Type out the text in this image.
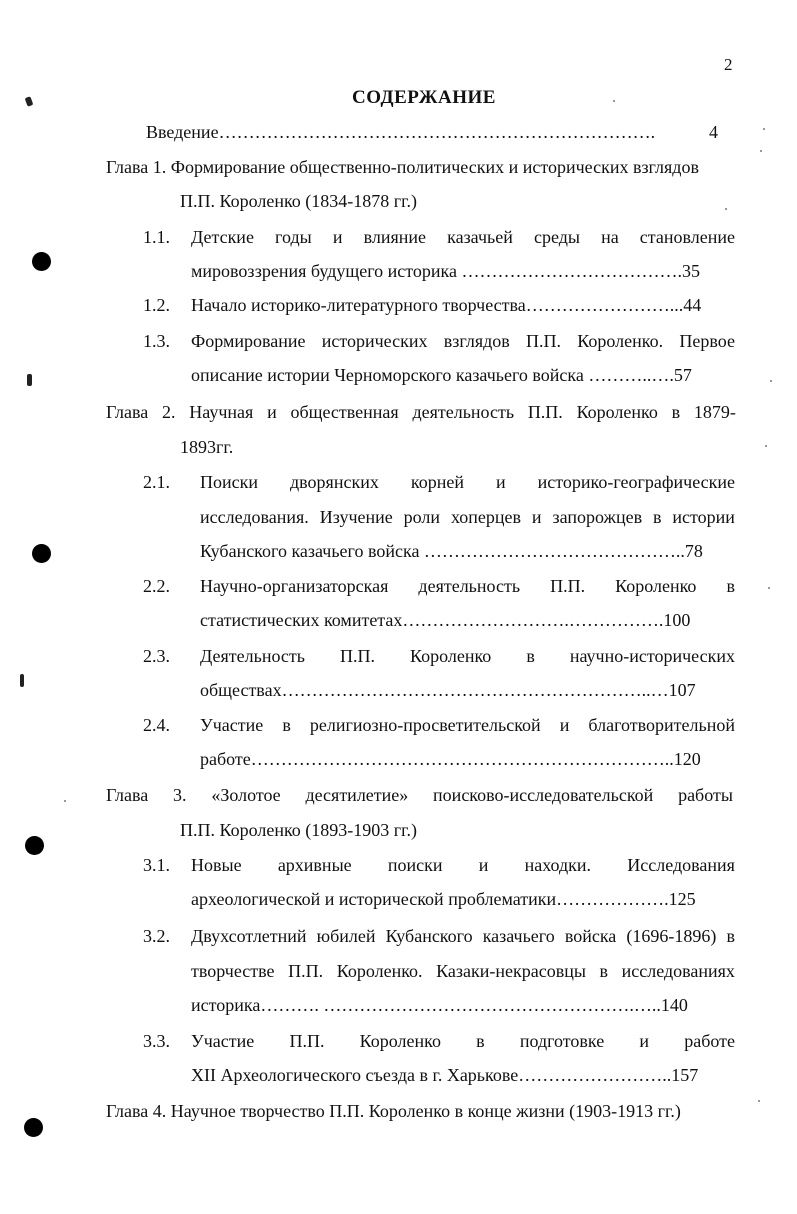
2
СОДЕРЖАНИЕ
Введение ……………………………………………………………….	4
Глава 1. Формирование общественно-политических и исторических взглядов
П.П. Короленко (1834-1878 гг.)
1.1. Детские годы и влияние казачьей среды на становление
мировоззрения будущего историка ……………………………….35
1.2. Начало историко-литературного творчества……………………...44
1.3. Формирование исторических взглядов П.П. Короленко. Первое
описание истории Черноморского казачьего войска ………..….57
Глава 2. Научная и общественная деятельность П.П. Короленко в 1879-
1893гг.
2.1. Поиски дворянских корней и историко-географические
исследования. Изучение роли хоперцев и запорожцев в истории
Кубанского казачьего войска ……………………………………..78
2.2. Научно-организаторская деятельность П.П. Короленко в
статистических комитетах……………………….…………….100
2.3. Деятельность П.П. Короленко в научно-исторических
обществах……………………………………………………..…107
2.4. Участие в религиозно-просветительской и благотворительной
работе……………………………………………………………..120
Глава 3. «Золотое десятилетие» поисково-исследовательской работы
П.П. Короленко (1893-1903 гг.)
3.1. Новые архивные поиски и находки. Исследования
археологической и исторической проблематики……………….125
3.2. Двухсотлетний юбилей Кубанского казачьего войска (1696-1896) в
творчестве П.П. Короленко. Казаки-некрасовцы в исследованиях
историка………. …………………………………………….…..140
3.3. Участие П.П. Короленко в подготовке и работе
XII Археологического съезда в г. Харькове……………………..157
Глава 4. Научное творчество П.П. Короленко в конце жизни (1903-1913 гг.)
